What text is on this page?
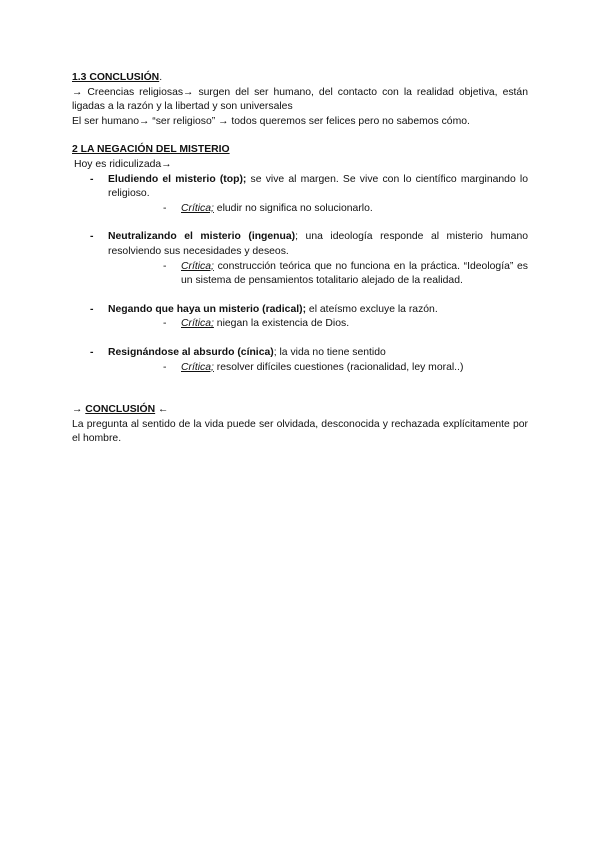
1.3 CONCLUSIÓN.

→ Creencias religiosas→ surgen del ser humano, del contacto con la realidad objetiva, están ligadas a la razón y la libertad y son universales

El ser humano→ “ser religioso” → todos queremos ser felices pero no sabemos cómo.

2 LA NEGACIÓN DEL MISTERIO

Hoy es ridiculizada→

- Eludiendo el misterio (top); se vive al margen. Se vive con lo científico marginando lo religioso.
- Crítica; eludir no significa no solucionarlo.
- Neutralizando el misterio (ingenua); una ideología responde al misterio humano resolviendo sus necesidades y deseos.
- Crítica; construcción teórica que no funciona en la práctica. “Ideología” es un sistema de pensamientos totalitario alejado de la realidad.
- Negando que haya un misterio (radical); el ateísmo excluye la razón.
- Crítica; niegan la existencia de Dios.
- Resignándose al absurdo (cínica); la vida no tiene sentido
- Crítica; resolver difíciles cuestiones (racionalidad, ley moral..)

→ CONCLUSIÓN ←

La pregunta al sentido de la vida puede ser olvidada, desconocida y rechazada explícitamente por el hombre.
